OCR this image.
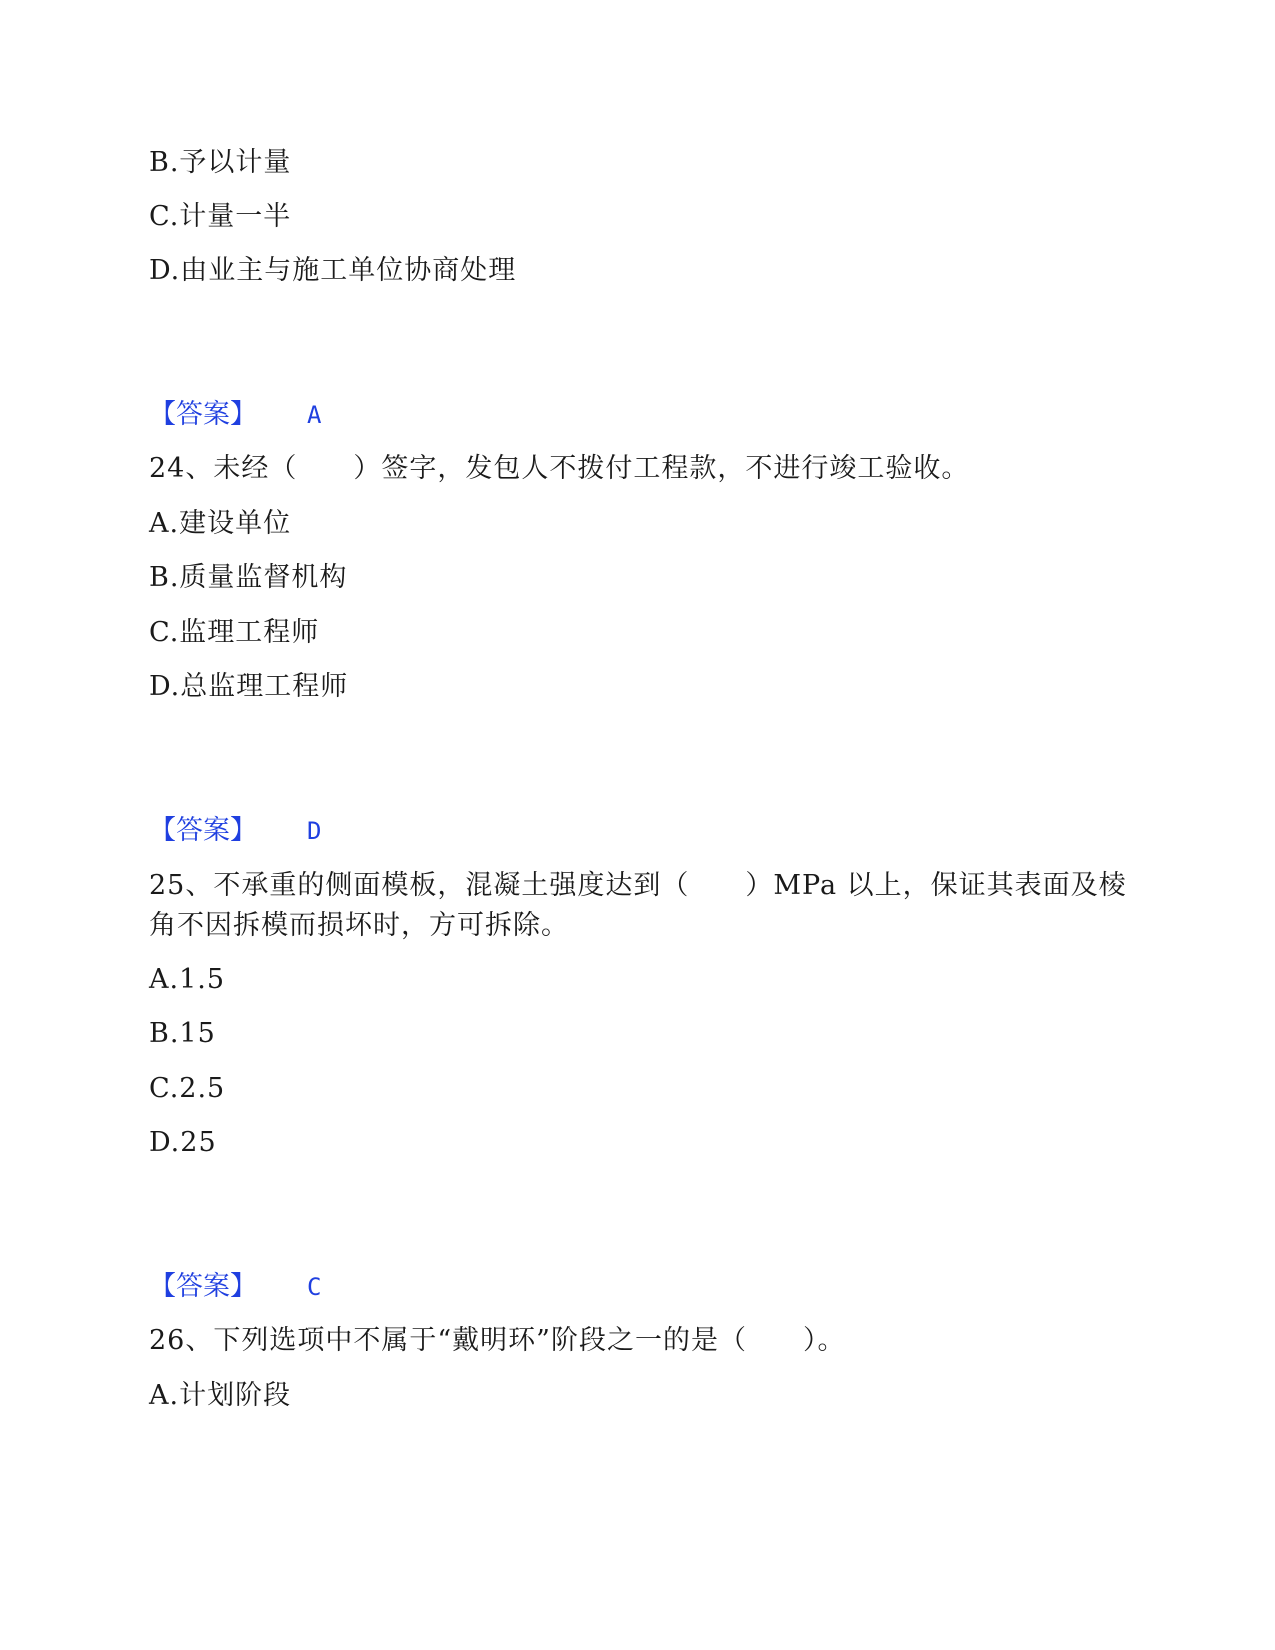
B.予以计量
C.计量一半
D.由业主与施工单位协商处理
【答案】 A
24、未经（　　）签字，发包人不拨付工程款，不进行竣工验收。
A.建设单位
B.质量监督机构
C.监理工程师
D.总监理工程师
【答案】 D
25、不承重的侧面模板，混凝土强度达到（　　）MPa 以上，保证其表面及棱
角不因拆模而损坏时，方可拆除。
A.1.5
B.15
C.2.5
D.25
【答案】 C
26、下列选项中不属于“戴明环”阶段之一的是（　　）。
A.计划阶段
